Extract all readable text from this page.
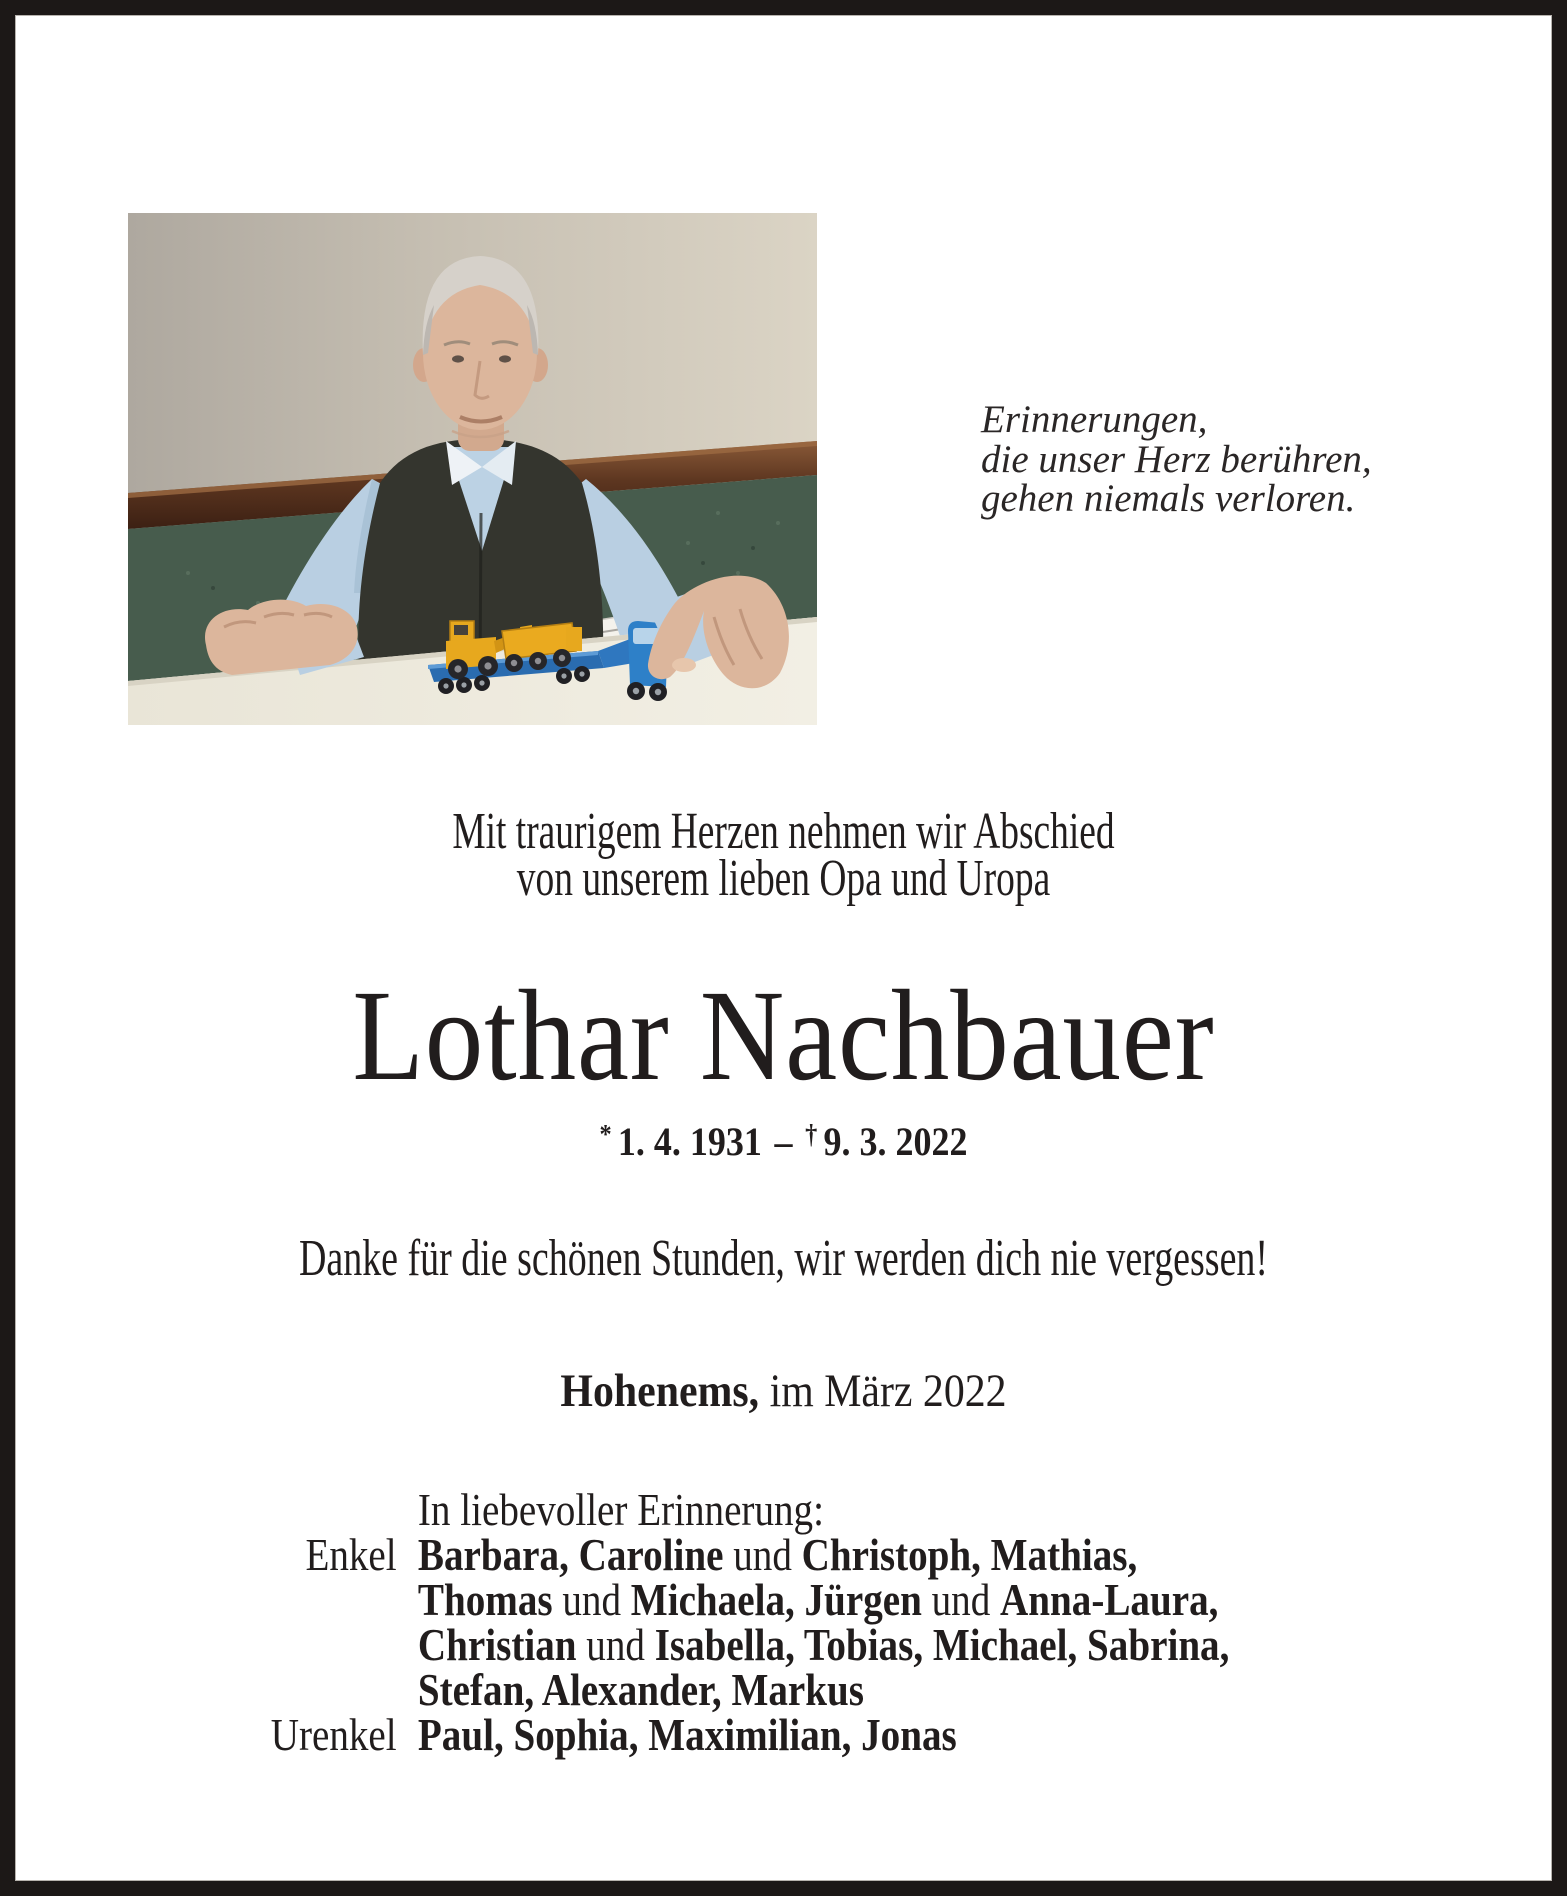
Erinnerungen,
die unser Herz berühren,
gehen niemals verloren.
Mit traurigem Herzen nehmen wir Abschied
von unserem lieben Opa und Uropa
Lothar Nachbauer
* 1. 4. 1931 – † 9. 3. 2022
Danke für die schönen Stunden, wir werden dich nie vergessen!
Hohenems, im März 2022
In liebevoller Erinnerung:
Enkel Barbara, Caroline und Christoph, Mathias,
Thomas und Michaela, Jürgen und Anna-Laura,
Christian und Isabella, Tobias, Michael, Sabrina,
Stefan, Alexander, Markus
Urenkel Paul, Sophia, Maximilian, Jonas
